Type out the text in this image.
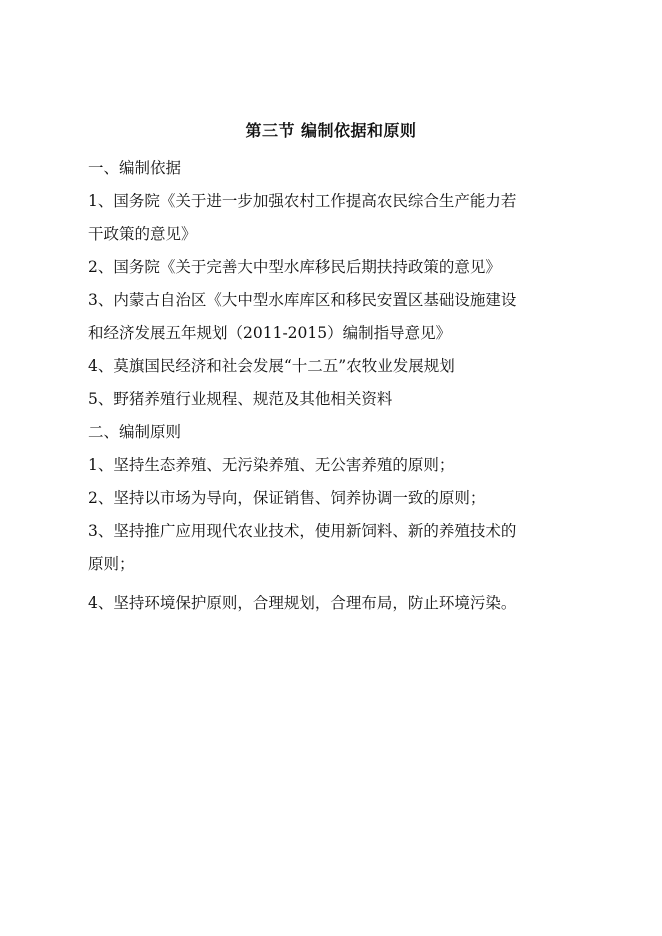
第三节 编制依据和原则
一、编制依据
1、国务院《关于进一步加强农村工作提高农民综合生产能力若
干政策的意见》
2、国务院《关于完善大中型水库移民后期扶持政策的意见》
3、内蒙古自治区《大中型水库库区和移民安置区基础设施建设
和经济发展五年规划（2011-2015）编制指导意见》
4、莫旗国民经济和社会发展“十二五”农牧业发展规划
5、野猪养殖行业规程、规范及其他相关资料
二、编制原则
1、坚持生态养殖、无污染养殖、无公害养殖的原则；
2、坚持以市场为导向，保证销售、饲养协调一致的原则；
3、坚持推广应用现代农业技术，使用新饲料、新的养殖技术的
原则；
4、坚持环境保护原则，合理规划，合理布局，防止环境污染。
